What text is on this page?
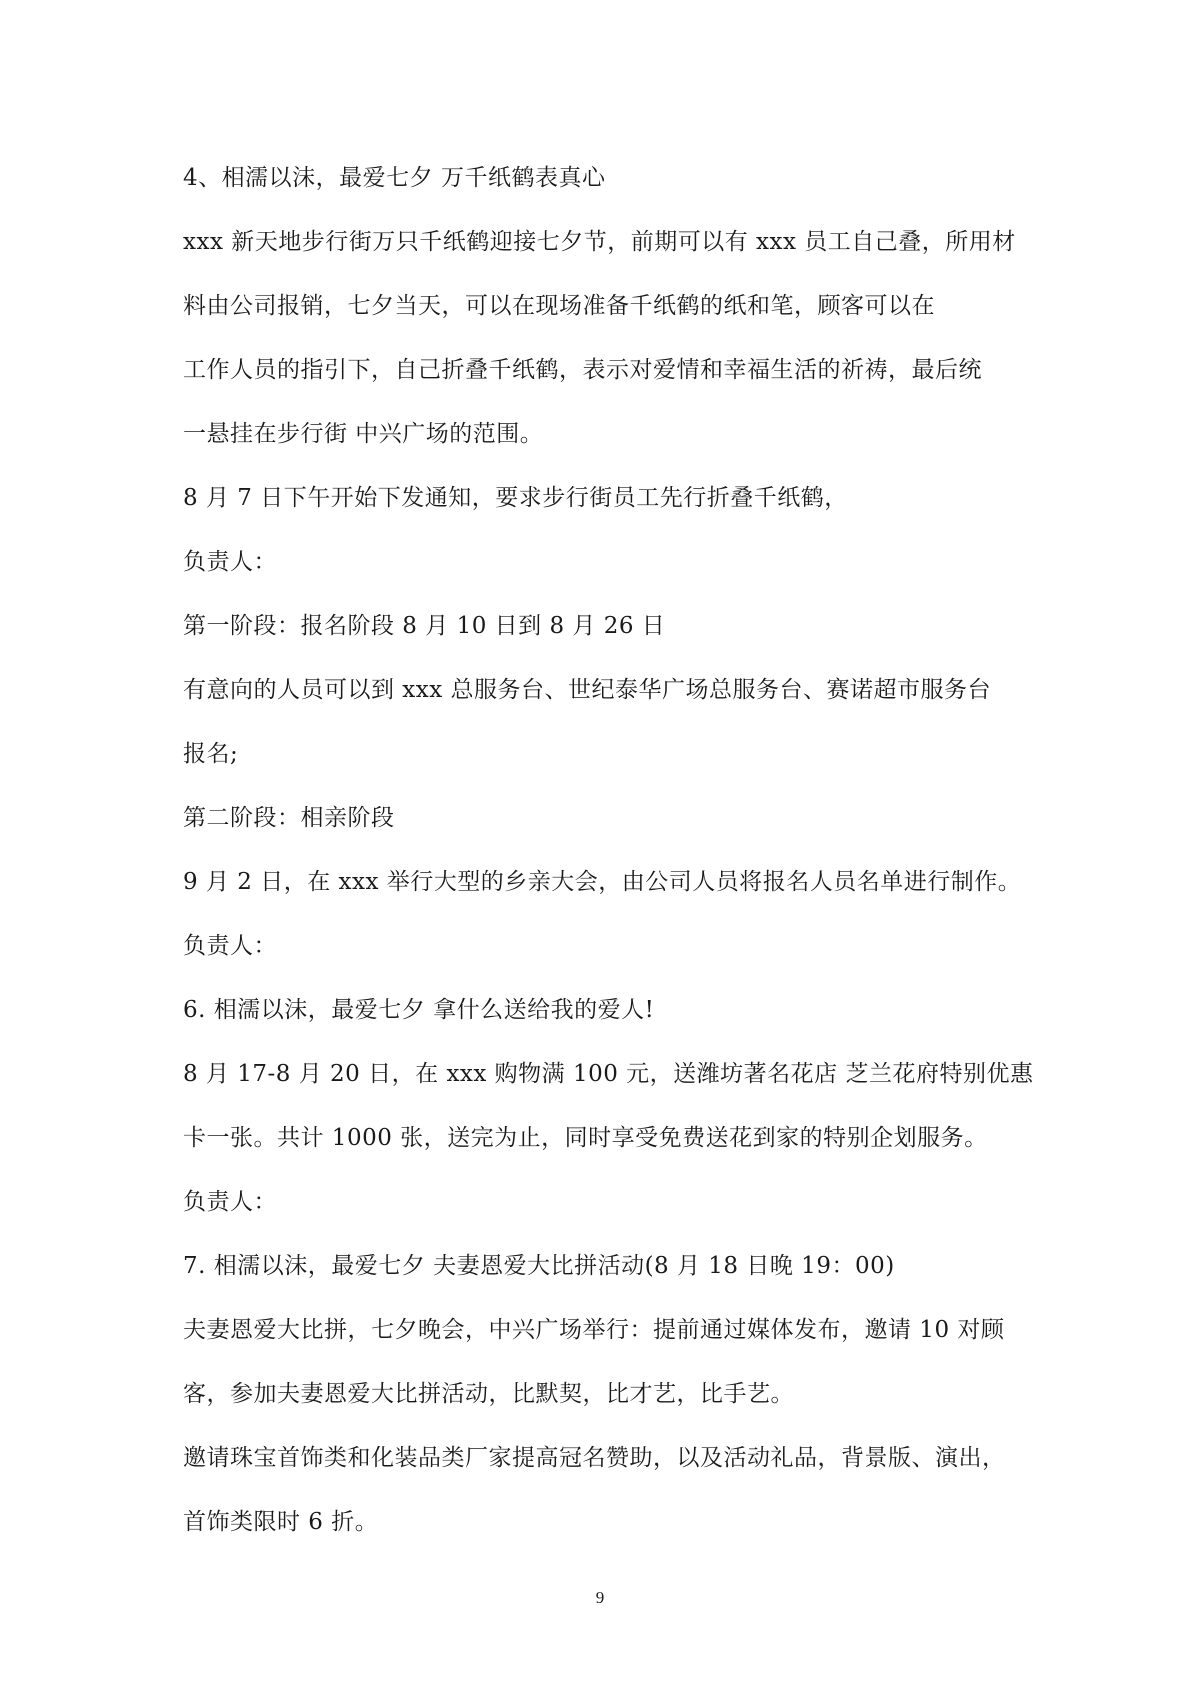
4、相濡以沫，最爱七夕 万千纸鹤表真心
xxx 新天地步行街万只千纸鹤迎接七夕节，前期可以有 xxx 员工自己叠，所用材
料由公司报销，七夕当天，可以在现场准备千纸鹤的纸和笔，顾客可以在
工作人员的指引下，自己折叠千纸鹤，表示对爱情和幸福生活的祈祷，最后统
一悬挂在步行街 中兴广场的范围。
8 月 7 日下午开始下发通知，要求步行街员工先行折叠千纸鹤，
负责人：
第一阶段：报名阶段 8 月 10 日到 8 月 26 日
有意向的人员可以到 xxx 总服务台、世纪泰华广场总服务台、赛诺超市服务台
报名;
第二阶段：相亲阶段
9 月 2 日，在 xxx 举行大型的乡亲大会，由公司人员将报名人员名单进行制作。
负责人：
6. 相濡以沫，最爱七夕 拿什么送给我的爱人!
8 月 17-8 月 20 日，在 xxx 购物满 100 元，送潍坊著名花店 芝兰花府特别优惠
卡一张。共计 1000 张，送完为止，同时享受免费送花到家的特别企划服务。
负责人：
7. 相濡以沫，最爱七夕 夫妻恩爱大比拼活动(8 月 18 日晚 19：00)
夫妻恩爱大比拼，七夕晚会，中兴广场举行：提前通过媒体发布，邀请 10 对顾
客，参加夫妻恩爱大比拼活动，比默契，比才艺，比手艺。
邀请珠宝首饰类和化装品类厂家提高冠名赞助，以及活动礼品，背景版、演出，
首饰类限时 6 折。
9
